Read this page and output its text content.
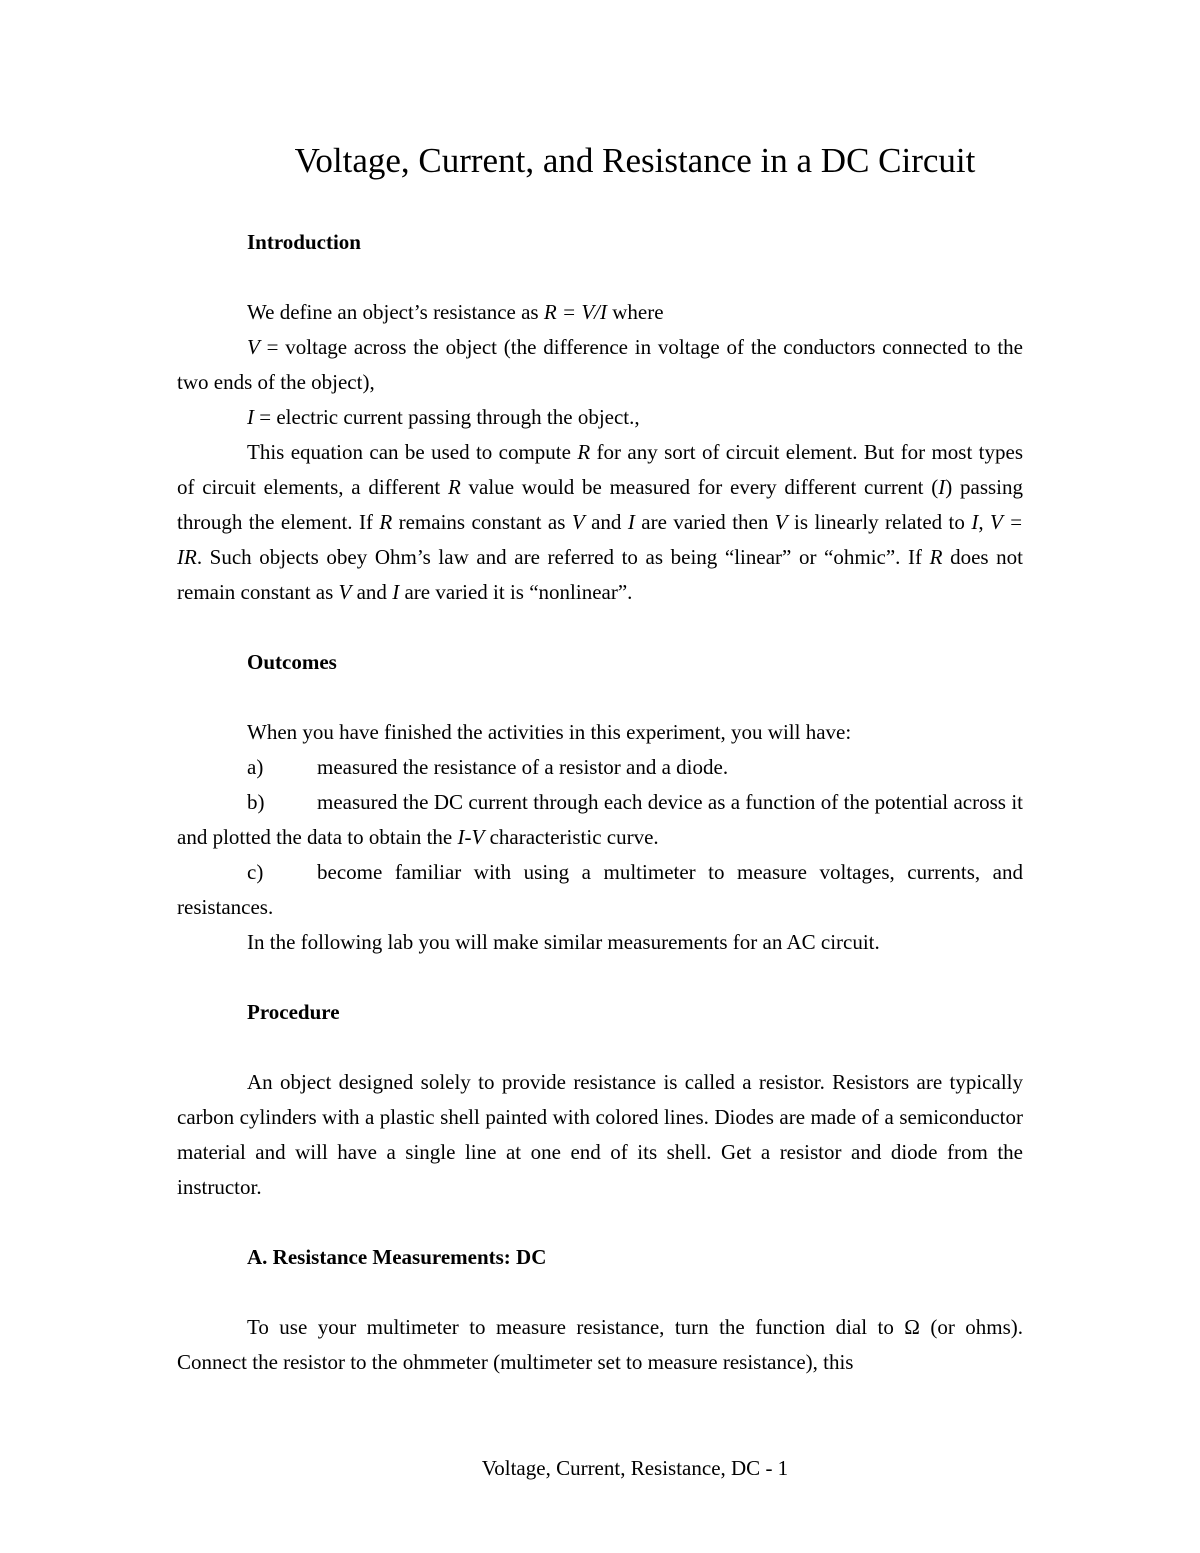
Voltage, Current, and Resistance in a DC Circuit

Introduction

We define an object’s resistance as R = V/I where

V = voltage across the object (the difference in voltage of the conductors connected to the two ends of the object),

I = electric current passing through the object.,

This equation can be used to compute R for any sort of circuit element. But for most types of circuit elements, a different R value would be measured for every different current (I) passing through the element. If R remains constant as V and I are varied then V is linearly related to I, V = IR. Such objects obey Ohm’s law and are referred to as being “linear” or “ohmic”. If R does not remain constant as V and I are varied it is “nonlinear”.

Outcomes

When you have finished the activities in this experiment, you will have:

a)	measured the resistance of a resistor and a diode.

b)	measured the DC current through each device as a function of the potential across it and plotted the data to obtain the I-V characteristic curve.

c)	become familiar with using a multimeter to measure voltages, currents, and resistances.

In the following lab you will make similar measurements for an AC circuit.

Procedure

An object designed solely to provide resistance is called a resistor. Resistors are typically carbon cylinders with a plastic shell painted with colored lines. Diodes are made of a semiconductor material and will have a single line at one end of its shell. Get a resistor and diode from the instructor.

A. Resistance Measurements: DC

To use your multimeter to measure resistance, turn the function dial to Ω (or ohms). Connect the resistor to the ohmmeter (multimeter set to measure resistance), this

Voltage, Current, Resistance, DC - 1
